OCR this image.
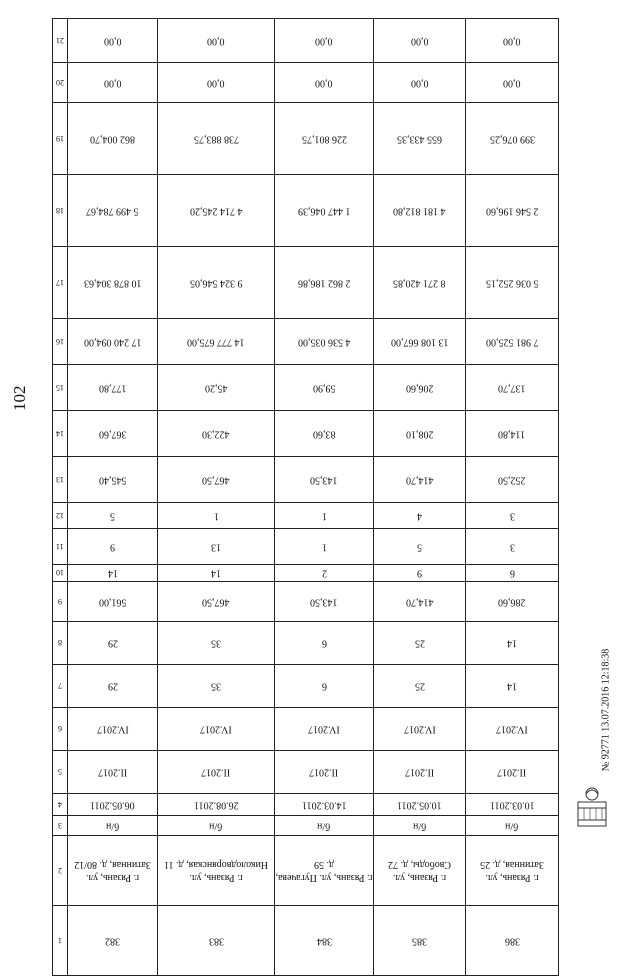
102
21	0,00	0,00	0,00	0,00	0,00
20	0,00	0,00	0,00	0,00	0,00
19	862 004,70	738 883,75	226 801,75	655 433,35	399 076,25
18	5 499 784,67	4 714 245,20	1 447 046,39	4 181 812,80	2 546 196,60
17	10 878 304,63	9 324 546,05	2 862 186,86	8 271 420,85	5 036 252,15
16	17 240 094,00	14 777 675,00	4 536 035,00	13 108 667,00	7 981 525,00
15	177,80	45,20	59,90	206,60	137,70
14	367,60	422,30	83,60	208,10	114,80
13	545,40	467,50	143,50	414,70	252,50
12	5	1	1	4	3
11	9	13	1	5	3
10	14	14	2	9	6
9	561,00	467,50	143,50	414,70	286,60
8	29	35	6	25	14
7	29	35	6	25	14
6	IV.2017	IV.2017	IV.2017	IV.2017	IV.2017
5	II.2017	II.2017	II.2017	II.2017	II.2017
4	06.05.2011	26.08.2011	14.03.2011	10.05.2011	10.03.2011
3	б/н	б/н	б/н	б/н	б/н
2	г. Рязань, ул. Затинная, д. 80/12	г. Рязань, ул. Николодворянская, д. 11	г. Рязань, ул. Пугачева, д. 59	г. Рязань, ул. Свободы, д. 72	г. Рязань, ул. Затинная, д. 25
1	382	383	384	385	386
№ 92771 13.07.2016 12:18:38
